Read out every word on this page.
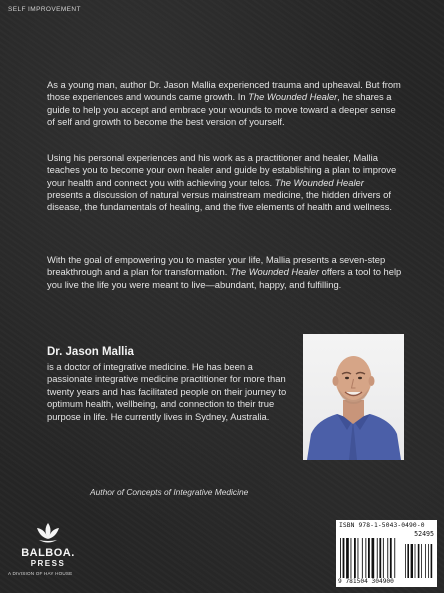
SELF IMPROVEMENT

As a young man, author Dr. Jason Mallia experienced trauma and upheaval. But from those experiences and wounds came growth. In The Wounded Healer, he shares a guide to help you accept and embrace your wounds to move toward a deeper sense of self and growth to become the best version of yourself.

Using his personal experiences and his work as a practitioner and healer, Mallia teaches you to become your own healer and guide by establishing a plan to improve your health and connect you with achieving your telos. The Wounded Healer presents a discussion of natural versus mainstream medicine, the hidden drivers of disease, the fundamentals of healing, and the five elements of health and wellness.

With the goal of empowering you to master your life, Mallia presents a seven-step breakthrough and a plan for transformation. The Wounded Healer offers a tool to help you live the life you were meant to live—abundant, happy, and fulfilling.

Dr. Jason Mallia

is a doctor of integrative medicine. He has been a passionate integrative medicine practitioner for more than twenty years and has facilitated people on their journey to optimum health, wellbeing, and connection to their true purpose in life. He currently lives in Sydney, Australia.

Author of Concepts of Integrative Medicine
BALBOA.
PRESS
A DIVISION OF HAY HOUSE
ISBN 978-1-5043-0490-0
52495
9 781504 304900
